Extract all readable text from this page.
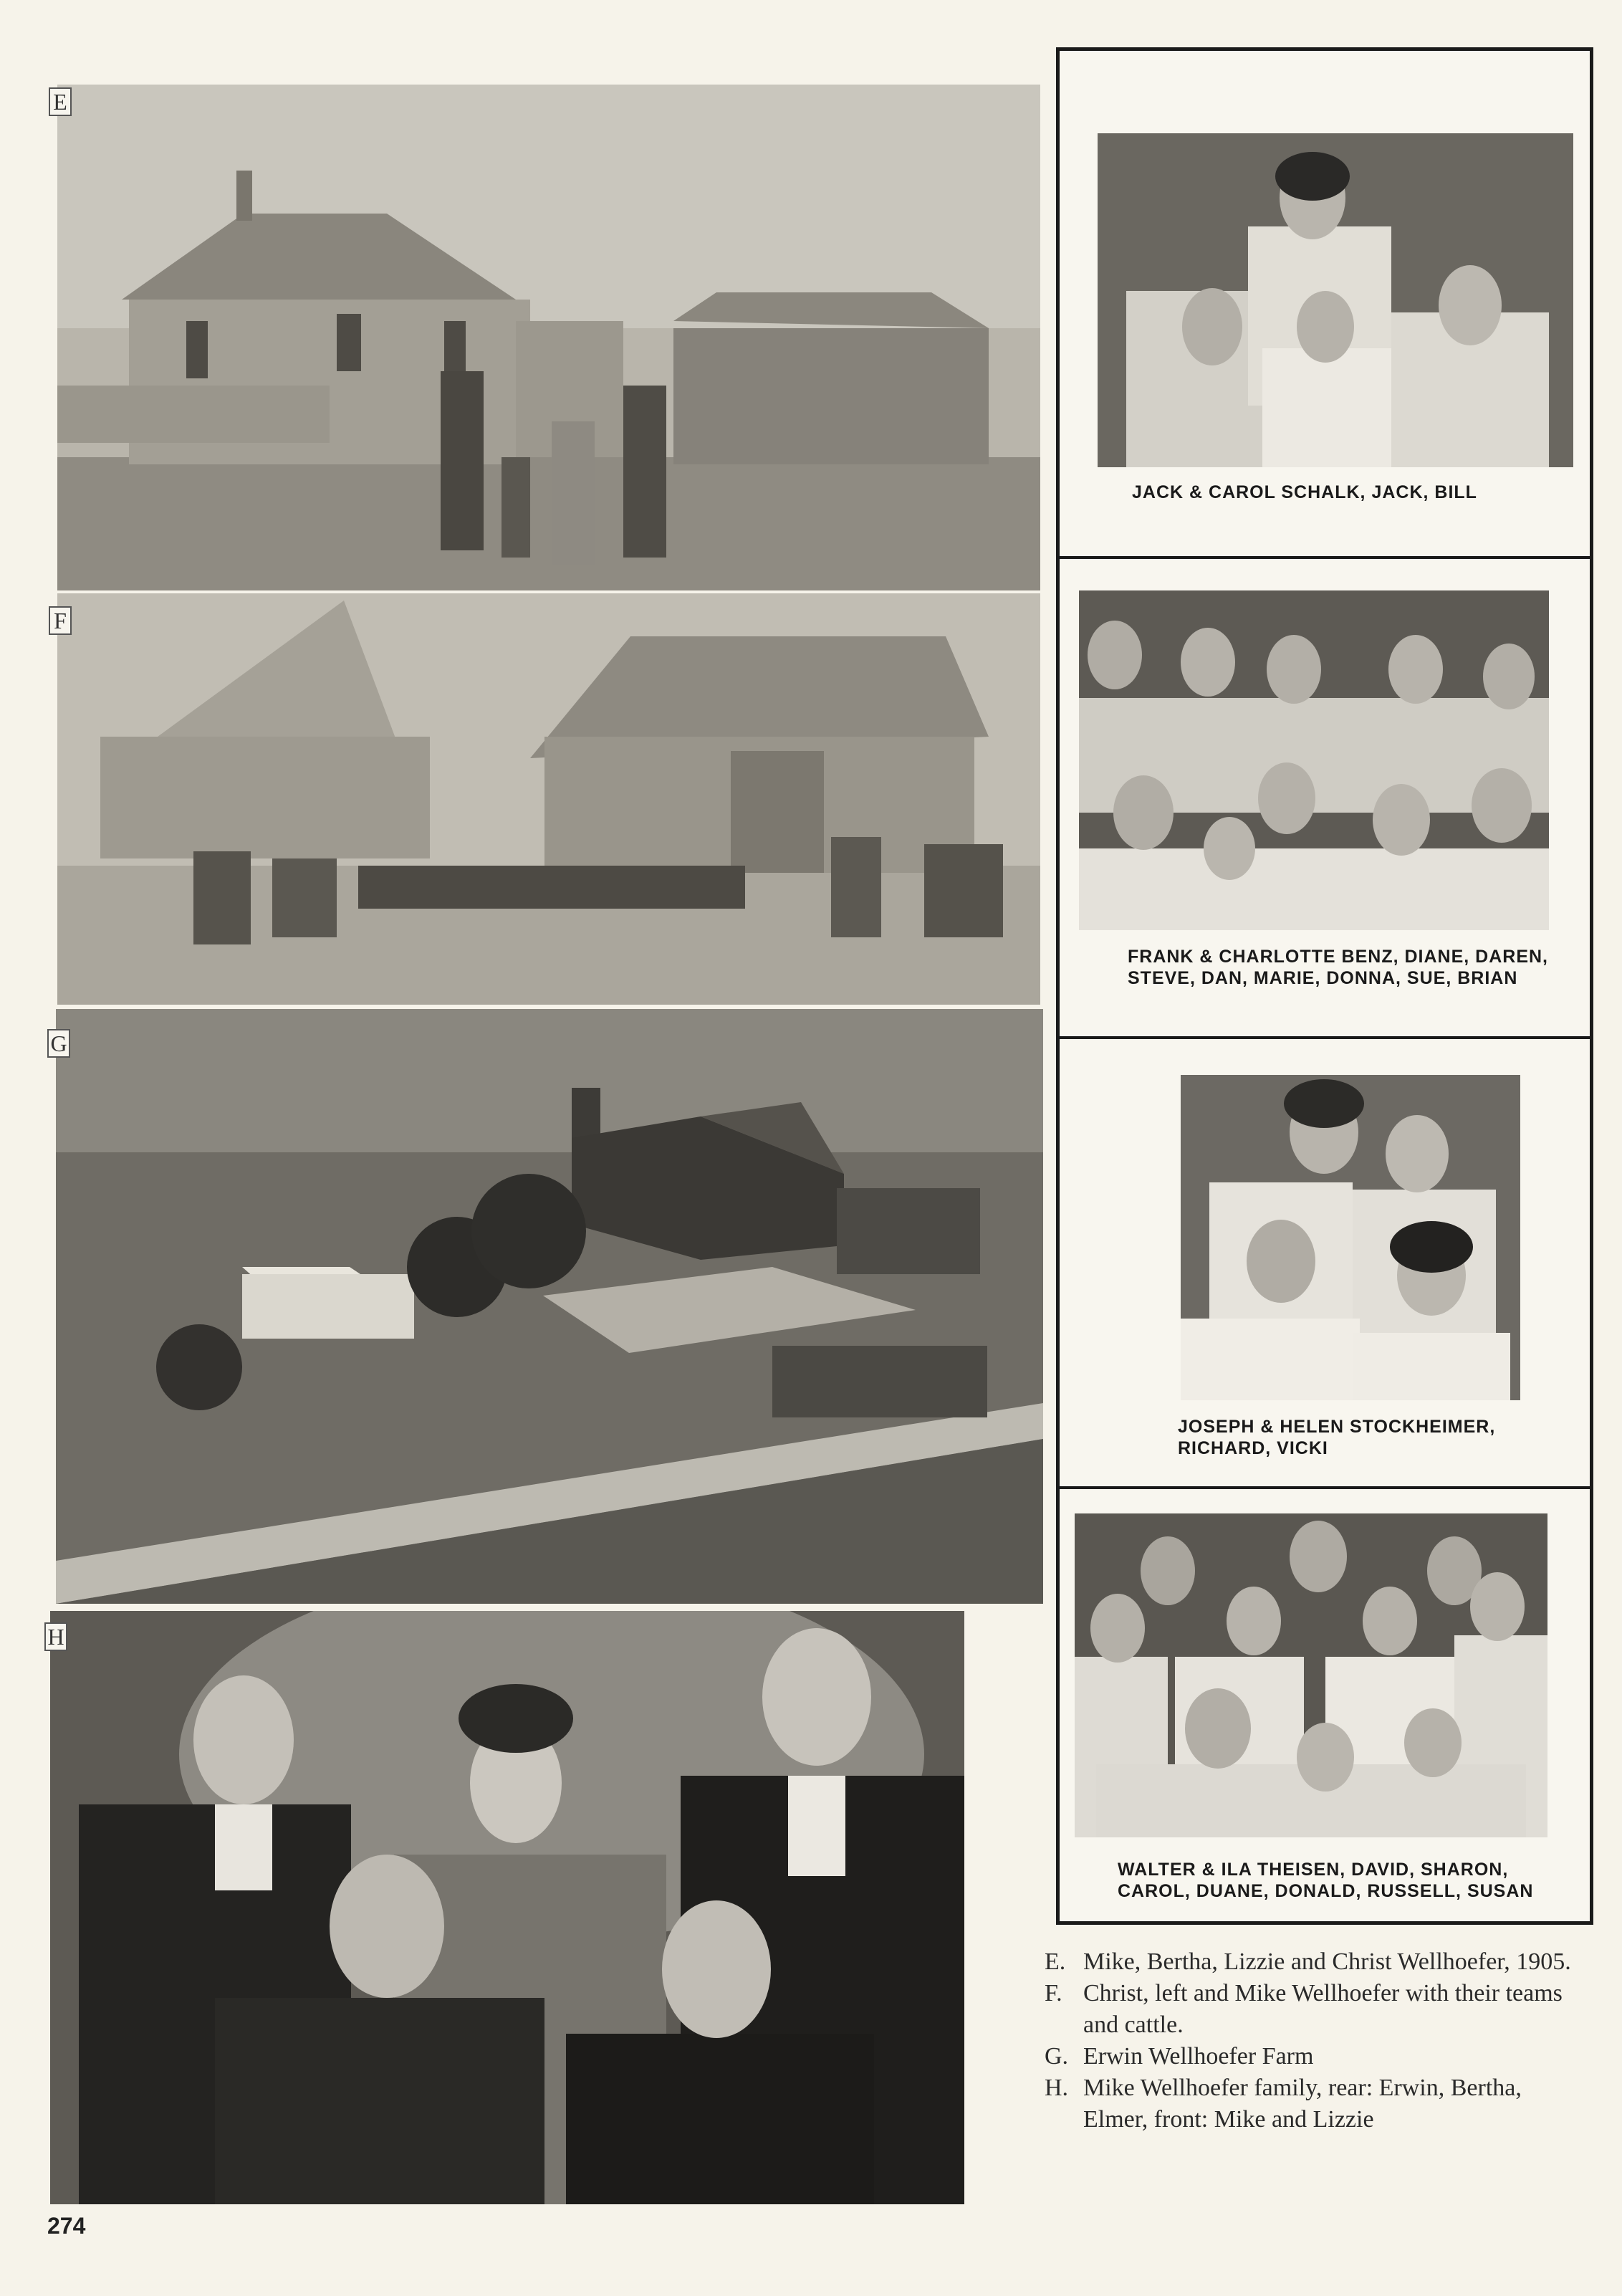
E
F
G
H
JACK & CAROL SCHALK, JACK, BILL
FRANK & CHARLOTTE BENZ, DIANE, DAREN, STEVE, DAN, MARIE, DONNA, SUE, BRIAN
JOSEPH & HELEN STOCKHEIMER, RICHARD, VICKI
WALTER & ILA THEISEN, DAVID, SHARON, CAROL, DUANE, DONALD, RUSSELL, SUSAN
E. Mike, Bertha, Lizzie and Christ Wellhoefer, 1905.
F. Christ, left and Mike Wellhoefer with their teams and cattle.
G. Erwin Wellhoefer Farm
H. Mike Wellhoefer family, rear: Erwin, Bertha, Elmer, front: Mike and Lizzie
274
